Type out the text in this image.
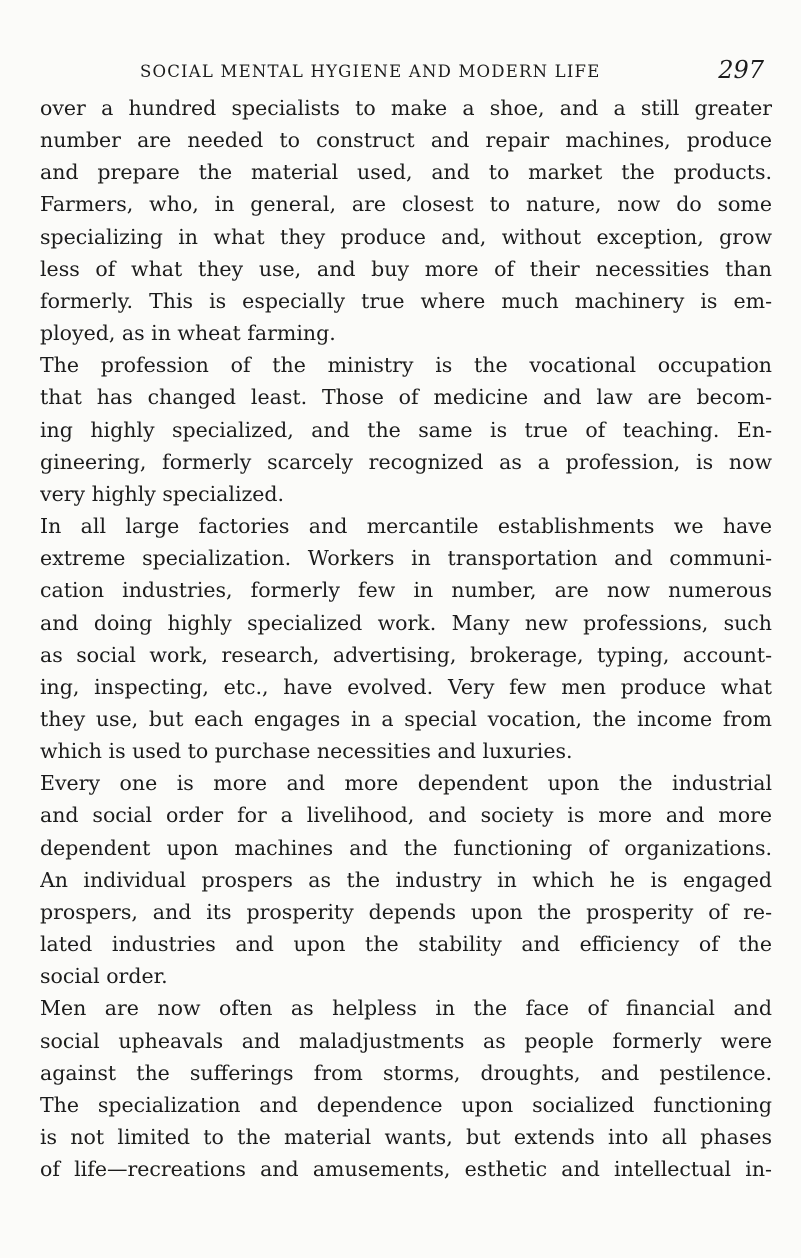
SOCIAL MENTAL HYGIENE AND MODERN LIFE	297
over a hundred specialists to make a shoe, and a still greater
number are needed to construct and repair machines, produce
and prepare the material used, and to market the products.
Farmers, who, in general, are closest to nature, now do some
specializing in what they produce and, without exception, grow
less of what they use, and buy more of their necessities than
formerly. This is especially true where much machinery is em-
ployed, as in wheat farming.
The profession of the ministry is the vocational occupation
that has changed least. Those of medicine and law are becom-
ing highly specialized, and the same is true of teaching. En-
gineering, formerly scarcely recognized as a profession, is now
very highly specialized.
In all large factories and mercantile establishments we have
extreme specialization. Workers in transportation and communi-
cation industries, formerly few in number, are now numerous
and doing highly specialized work. Many new professions, such
as social work, research, advertising, brokerage, typing, account-
ing, inspecting, etc., have evolved. Very few men produce what
they use, but each engages in a special vocation, the income from
which is used to purchase necessities and luxuries.
Every one is more and more dependent upon the industrial
and social order for a livelihood, and society is more and more
dependent upon machines and the functioning of organizations.
An individual prospers as the industry in which he is engaged
prospers, and its prosperity depends upon the prosperity of re-
lated industries and upon the stability and efficiency of the
social order.
Men are now often as helpless in the face of financial and
social upheavals and maladjustments as people formerly were
against the sufferings from storms, droughts, and pestilence.
The specialization and dependence upon socialized functioning
is not limited to the material wants, but extends into all phases
of life—recreations and amusements, esthetic and intellectual in-
